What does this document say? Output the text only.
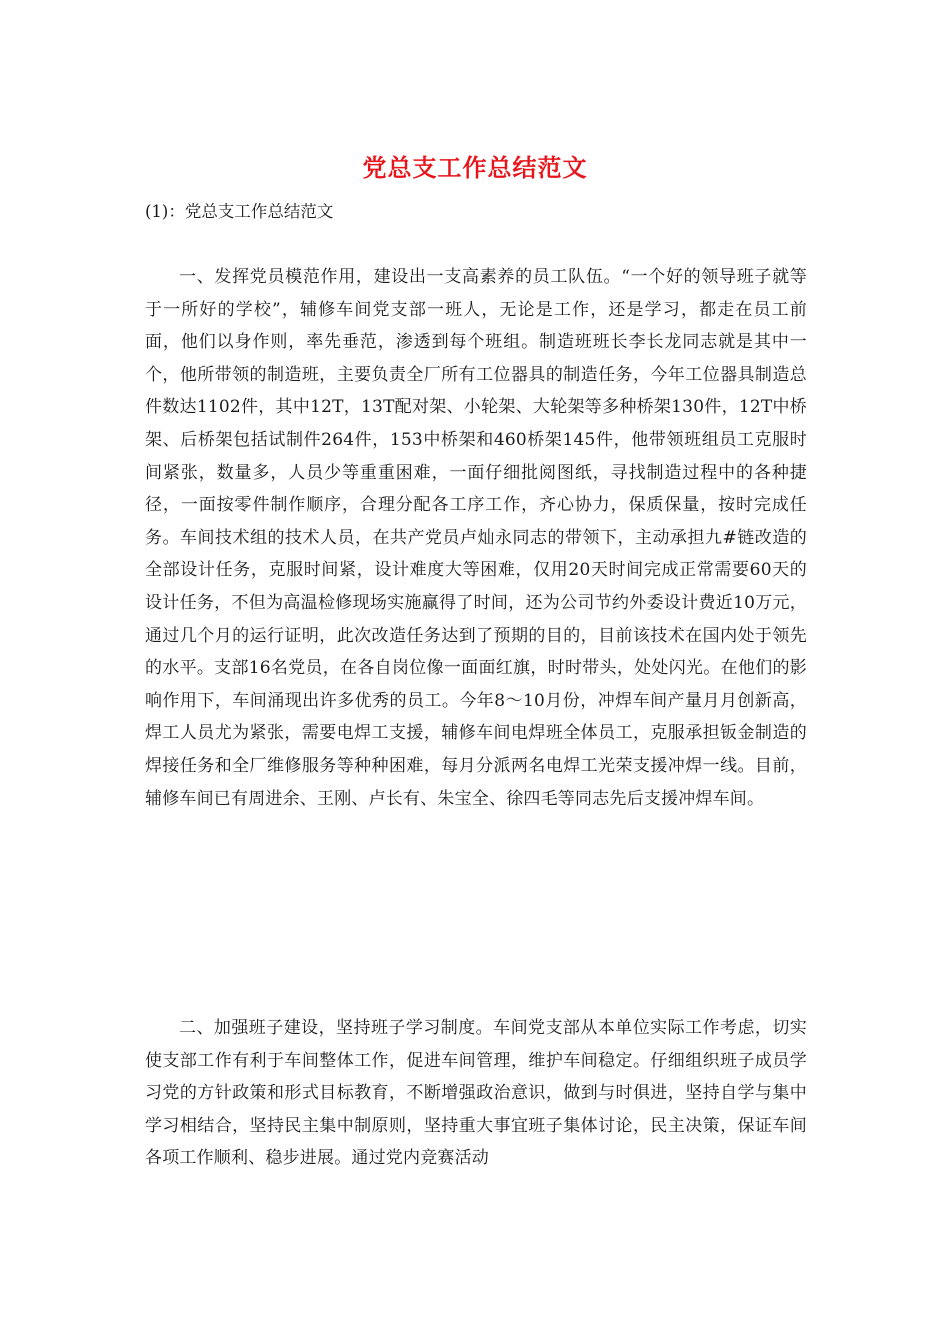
党总支工作总结范文
(1)：党总支工作总结范文

一、发挥党员模范作用，建设出一支高素养的员工队伍。“一个好的领导班子就等于一所好的学校”，辅修车间党支部一班人，无论是工作，还是学习，都走在员工前面，他们以身作则，率先垂范，渗透到每个班组。制造班班长李长龙同志就是其中一个，他所带领的制造班，主要负责全厂所有工位器具的制造任务，今年工位器具制造总件数达1102件，其中12T，13T配对架、小轮架、大轮架等多种桥架130件，12T中桥架、后桥架包括试制件264件，153中桥架和460桥架145件，他带领班组员工克服时间紧张，数量多，人员少等重重困难，一面仔细批阅图纸，寻找制造过程中的各种捷径，一面按零件制作顺序，合理分配各工序工作，齐心协力，保质保量，按时完成任务。车间技术组的技术人员，在共产党员卢灿永同志的带领下，主动承担九#链改造的全部设计任务，克服时间紧，设计难度大等困难，仅用20天时间完成正常需要60天的设计任务，不但为高温检修现场实施赢得了时间，还为公司节约外委设计费近10万元，通过几个月的运行证明，此次改造任务达到了预期的目的，目前该技术在国内处于领先的水平。支部16名党员，在各自岗位像一面面红旗，时时带头，处处闪光。在他们的影响作用下，车间涌现出许多优秀的员工。今年8～10月份，冲焊车间产量月月创新高，焊工人员尤为紧张，需要电焊工支援，辅修车间电焊班全体员工，克服承担钣金制造的焊接任务和全厂维修服务等种种困难，每月分派两名电焊工光荣支援冲焊一线。目前，辅修车间已有周进余、王刚、卢长有、朱宝全、徐四毛等同志先后支援冲焊车间。

二、加强班子建设，坚持班子学习制度。车间党支部从本单位实际工作考虑，切实使支部工作有利于车间整体工作，促进车间管理，维护车间稳定。仔细组织班子成员学习党的方针政策和形式目标教育，不断增强政治意识，做到与时俱进，坚持自学与集中学习相结合，坚持民主集中制原则，坚持重大事宜班子集体讨论，民主决策，保证车间各项工作顺利、稳步进展。通过党内竞赛活动
